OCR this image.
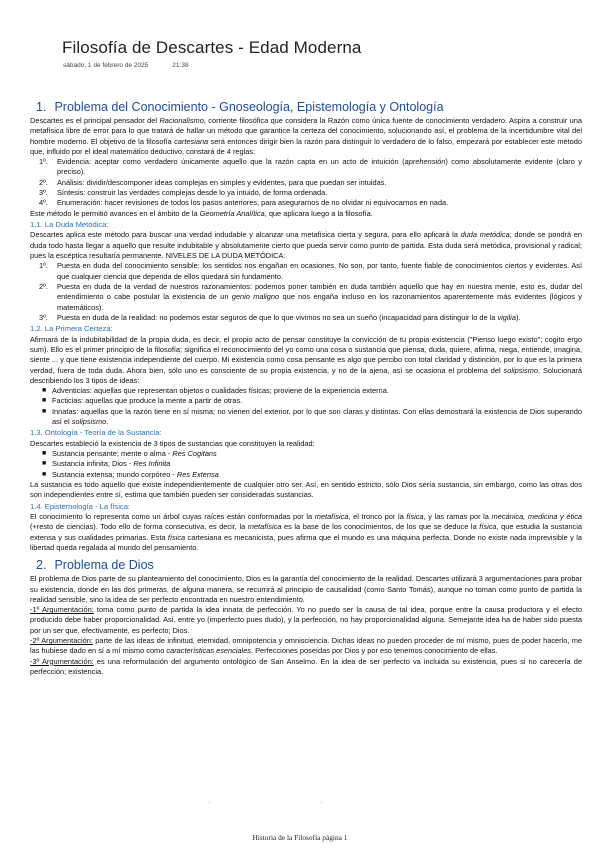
Filosofía de Descartes - Edad Moderna
sábado, 1 de febrero de 2025	21:38
1. Problema del Conocimiento - Gnoseología, Epistemología y Ontología

Descartes es el principal pensador del Racionalismo, corriente filosófica que considera la Razón como única fuente de conocimiento verdadero. Aspira a construir una metafísica libre de error para lo que tratará de hallar un método que garantice la certeza del conocimiento, solucionando así, el problema de la incertidumbre vital del hombre moderno. El objetivo de la filosofía cartesiana será entonces dirigir bien la razón para distinguir lo verdadero de lo falso, empezará por establecer este método que, influido por el ideal matemático deductivo, constará de 4 reglas:

1º.	Evidencia: aceptar como verdadero únicamente aquello que la razón capta en un acto de intuición (aprehensión) como absolutamente evidente (claro y preciso).
2º.	Análisis: dividir/descomponer ideas complejas en simples y evidentes, para que puedan ser intuidas.
3º.	Síntesis: construir las verdades complejas desde lo ya intuido, de forma ordenada.
4º.	Enumeración: hacer revisiones de todos los pasos anteriores, para asegurarnos de no olvidar ni equivocarnos en nada.

Este método le permitió avances en el ámbito de la Geometría Analítica, que aplicara luego a la filosofía.

1.1. La Duda Metódica:

Descartes aplica este método para buscar una verdad indudable y alcanzar una metafísica cierta y segura, para ello aplicará la duda metódica; donde se pondrá en duda todo hasta llegar a aquello que resulte indubitable y absolutamente cierto que pueda servir como punto de partida. Esta duda será metódica, provisional y radical; pues la escéptica resultaría permanente. NIVELES DE LA DUDA METÓDICA:

1º.	Puesta en duda del conocimiento sensible: los sentidos nos engañan en ocasiones. No son, por tanto, fuente fiable de conocimientos ciertos y evidentes. Así que cualquier ciencia que dependa de ellos quedará sin fundamento.
2º.	Puesta en duda de la verdad de nuestros razonamientos: podemos poner también en duda también aquello que hay en nuestra mente, esto es, dudar del entendimiento o cabe postular la existencia de un genio maligno que nos engaña incluso en los razonamientos aparentemente más evidentes (lógicos y matemáticos).
3º.	Puesta en duda de la realidad: no podemos estar seguros de que lo que vivimos no sea un sueño (incapacidad para distinguir lo de la vigilia).
1.2. La Primera Certeza:

Afirmará de la indubitabilidad de la propia duda, es decir, el propio acto de pensar constituye la convicción de tu propia existencia ("Pienso luego existo"; cogito ergo sum). Ello es el primer principio de la filosofía; significa el reconocimiento del yo como una cosa o sustancia que piensa, duda, quiere, afirma, niega, entiende, imagina, siente ... y que tiene existencia independiente del cuerpo. Mi existencia como cosa pensante es algo que percibo con total claridad y distinción, por lo que es la primera verdad, fuera de toda duda. Ahora bien, sólo uno es consciente de su propia existencia, y no de la ajena, así se ocasiona el problema del solipsismo. Solucionará describiendo los 3 tipos de ideas:

■ Adventicias: aquellas que representan objetos o cualidades físicas; proviene de la experiencia externa.
■ Facticias: aquellas que produce la mente a partir de otras.
■ Innatas: aquellas que la razón tiene en sí misma; no vienen del exterior, por lo que son claras y distintas. Con ellas demostrará la existencia de Dios superando así el solipsismo.
1.3. Ontología - Teoría de la Sustancia:

Descartes estableció la existencia de 3 tipos de sustancias que constituyen la realidad:

■ Sustancia pensante; mente o alma - Res Cogitans
■ Sustancia infinita; Dios - Res Infinita
■ Sustancia extensa; mundo corpóreo - Res Extensa

La sustancia es todo aquello que existe independientemente de cualquier otro ser. Así, en sentido estricto, sólo Dios sería sustancia, sin embargo, como las otras dos son independientes entre sí, estima que también pueden ser consideradas sustancias.

1.4. Epistemología - La física:

El conocimiento lo representa como un árbol cuyas raíces están conformadas por la metafísica, el tronco por la física, y las ramas por la mecánica, medicina y ética (+resto de ciencias). Todo ello de forma consecutiva, es decir, la metafísica es la base de los conocimientos, de los que se deduce la física, que estudia la sustancia extensa y sus cualidades primarias. Esta física cartesiana es mecanicista, pues afirma que el mundo es una máquina perfecta. Donde no existe nada imprevisible y la libertad queda regalada al mundo del pensamiento.

2. Problema de Dios

El problema de Dios parte de su planteamiento del conocimiento, Dios es la garantía del conocimiento de la realidad. Descartes utilizará 3 argumentaciones para probar su existencia, donde en las dos primeras, de alguna manera, se recurrirá al principio de causalidad (como Santo Tomás), aunque no toman como punto de partida la realidad sensible, sino la idea de ser perfecto encontrada en nuestro entendimiento.

-1º Argumentación: toma como punto de partida la idea innata de perfección. Yo no puedo ser la causa de tal idea, porque entre la causa productora y el efecto producido debe haber proporcionalidad. Así, entre yo (imperfecto pues dudo), y la perfección, no hay proporcionalidad alguna. Semejante idea ha de haber sido puesta por un ser que, efectivamente, es perfecto; Dios.

-2º Argumentación: parte de las ideas de infinitud, eternidad, omnipotencia y omnisciencia. Dichas ideas no pueden proceder de mí mismo, pues de poder hacerlo, me las hubiese dado en sí a mí mismo como características esenciales. Perfecciones poseídas por Dios y por eso tenemos conocimiento de ellas.

-3º Argumentación: es una reformulación del argumento ontológico de San Anselmo. En la idea de ser perfecto va incluida su existencia, pues si no carecería de perfección; existencia.

·	·
Historia de la Filosofía página 1
